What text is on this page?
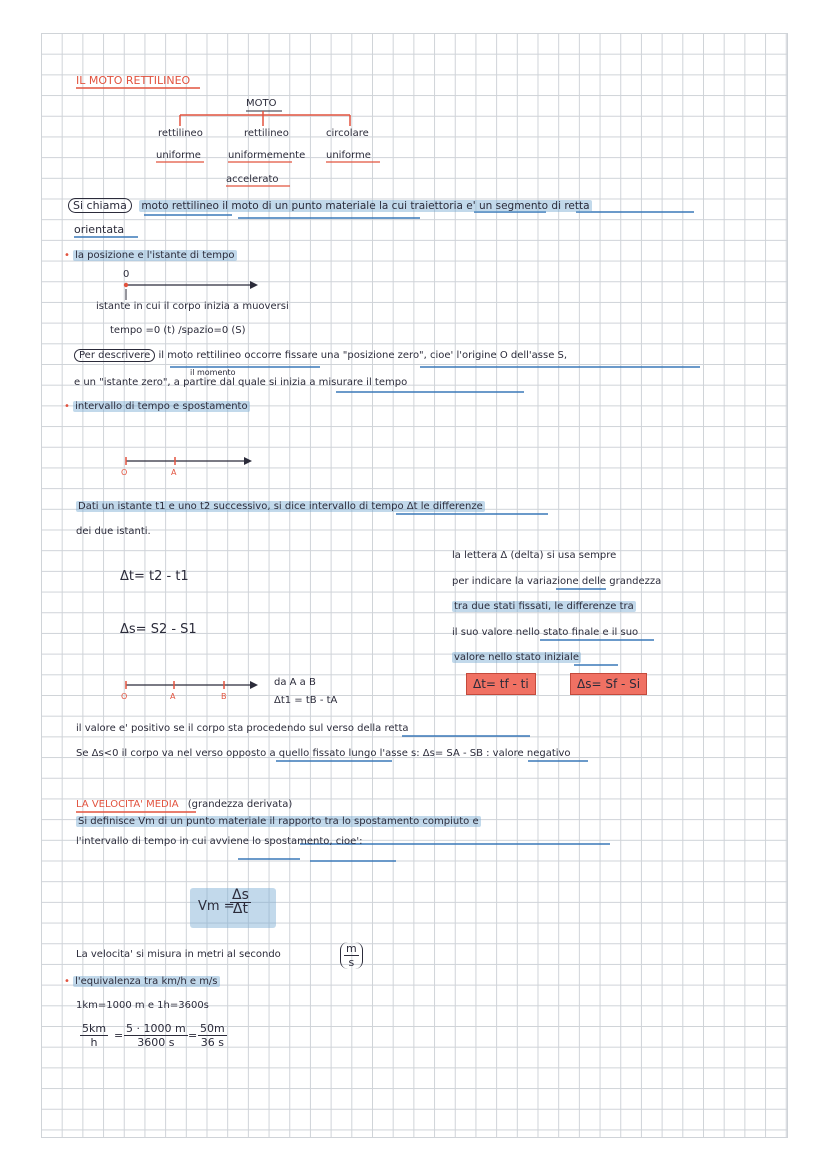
IL MOTO RETTILINEO
MOTO
rettilineo	rettilineo	circolare
uniforme	uniformemente uniforme
accelerato
Si chiama moto rettilineo il moto di un punto materiale la cui traiettoria e' un segmento di retta
orientata
• la posizione e l'istante di tempo
0
istante in cui il corpo inizia a muoversi
tempo =0 (t) /spazio=0 (S)
Per descrivere il moto rettilineo occorre fissare una "posizione zero", cioe' l'origine O dell'asse S,
il momento
e un "istante zero", a partire dal quale si inizia a misurare il tempo
• intervallo di tempo e spostamento
O	A
Dati un istante t1 e uno t2 successivo, si dice intervallo di tempo Δt le differenze
dei due istanti.
Δt= t2 - t1
Δs= S2 - S1
la lettera Δ (delta) si usa sempre
per indicare la variazione delle grandezza
tra due stati fissati, le differenze tra
il suo valore nello stato finale e il suo
valore nello stato iniziale
Δt= tf - ti	Δs= Sf - Si
O	A	B
da A a B
Δt1 = tB - tA
il valore e' positivo se il corpo sta procedendo sul verso della retta
Se Δs<0 il corpo va nel verso opposto a quello fissato lungo l'asse s: Δs= SA - SB : valore negativo
LA VELOCITA' MEDIA (grandezza derivata)
Si definisce Vm di un punto materiale il rapporto tra lo spostamento compiuto e
l'intervallo di tempo in cui avviene lo spostamento, cioe':
Vm =
$\frac{\Delta s}{\Delta t}$
La velocita' si misura in metri al secondo	$\frac{m}{s}$
• l'equivalenza tra km/h e m/s
1km=1000 m e 1h=3600s
$\frac{5km}{h} = \frac{5 \cdot 1000 m}{3600 s} = \frac{50m}{36 s}$
